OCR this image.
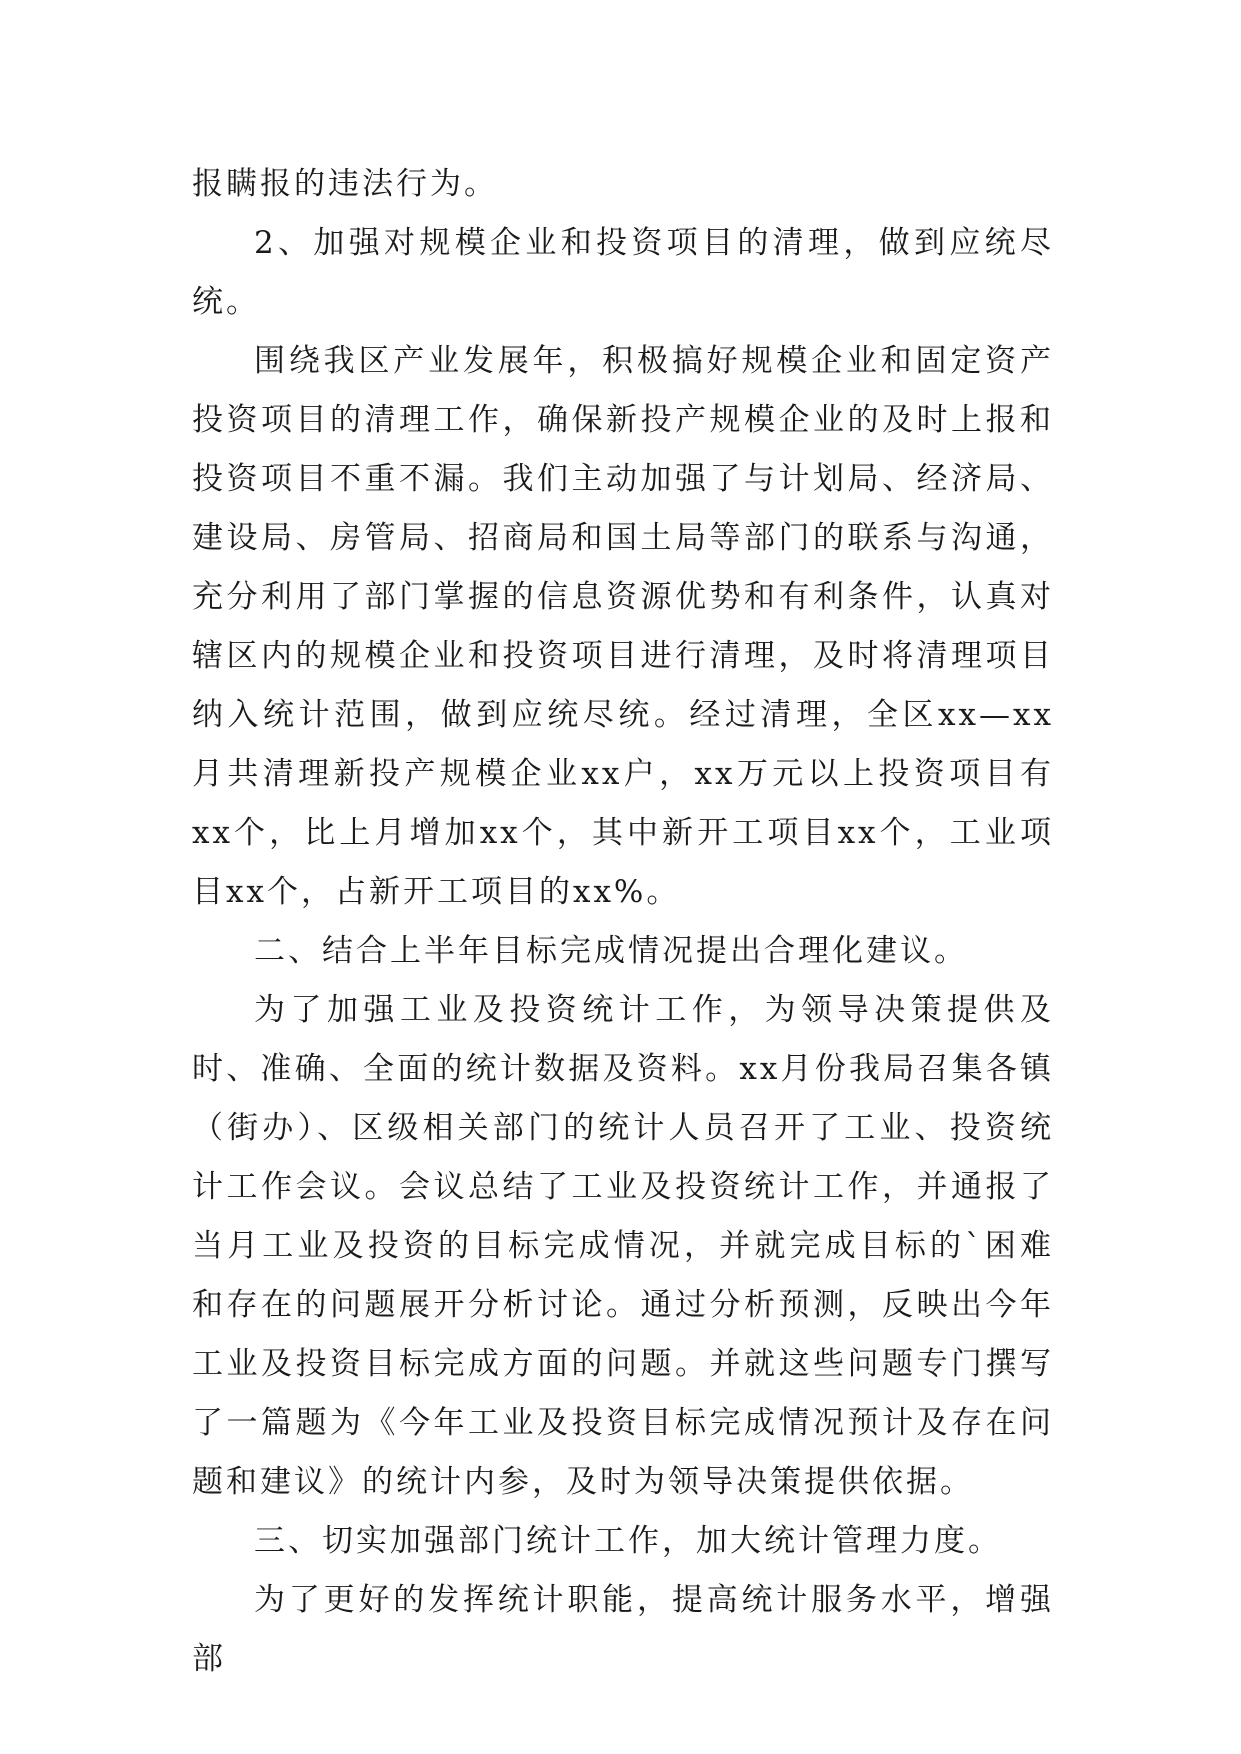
报瞒报的违法行为。

2、加强对规模企业和投资项目的清理，做到应统尽统。

围绕我区产业发展年，积极搞好规模企业和固定资产投资项目的清理工作，确保新投产规模企业的及时上报和投资项目不重不漏。我们主动加强了与计划局、经济局、建设局、房管局、招商局和国土局等部门的联系与沟通，充分利用了部门掌握的信息资源优势和有利条件，认真对辖区内的规模企业和投资项目进行清理，及时将清理项目纳入统计范围，做到应统尽统。经过清理，全区xx—xx月共清理新投产规模企业xx户，xx万元以上投资项目有xx个，比上月增加xx个，其中新开工项目xx个，工业项目xx个，占新开工项目的xx%。

二、结合上半年目标完成情况提出合理化建议。

为了加强工业及投资统计工作，为领导决策提供及时、准确、全面的统计数据及资料。xx月份我局召集各镇（街办）、区级相关部门的统计人员召开了工业、投资统计工作会议。会议总结了工业及投资统计工作，并通报了当月工业及投资的目标完成情况，并就完成目标的`困难和存在的问题展开分析讨论。通过分析预测，反映出今年工业及投资目标完成方面的问题。并就这些问题专门撰写了一篇题为《今年工业及投资目标完成情况预计及存在问题和建议》的统计内参，及时为领导决策提供依据。

三、切实加强部门统计工作，加大统计管理力度。

为了更好的发挥统计职能，提高统计服务水平，增强部
